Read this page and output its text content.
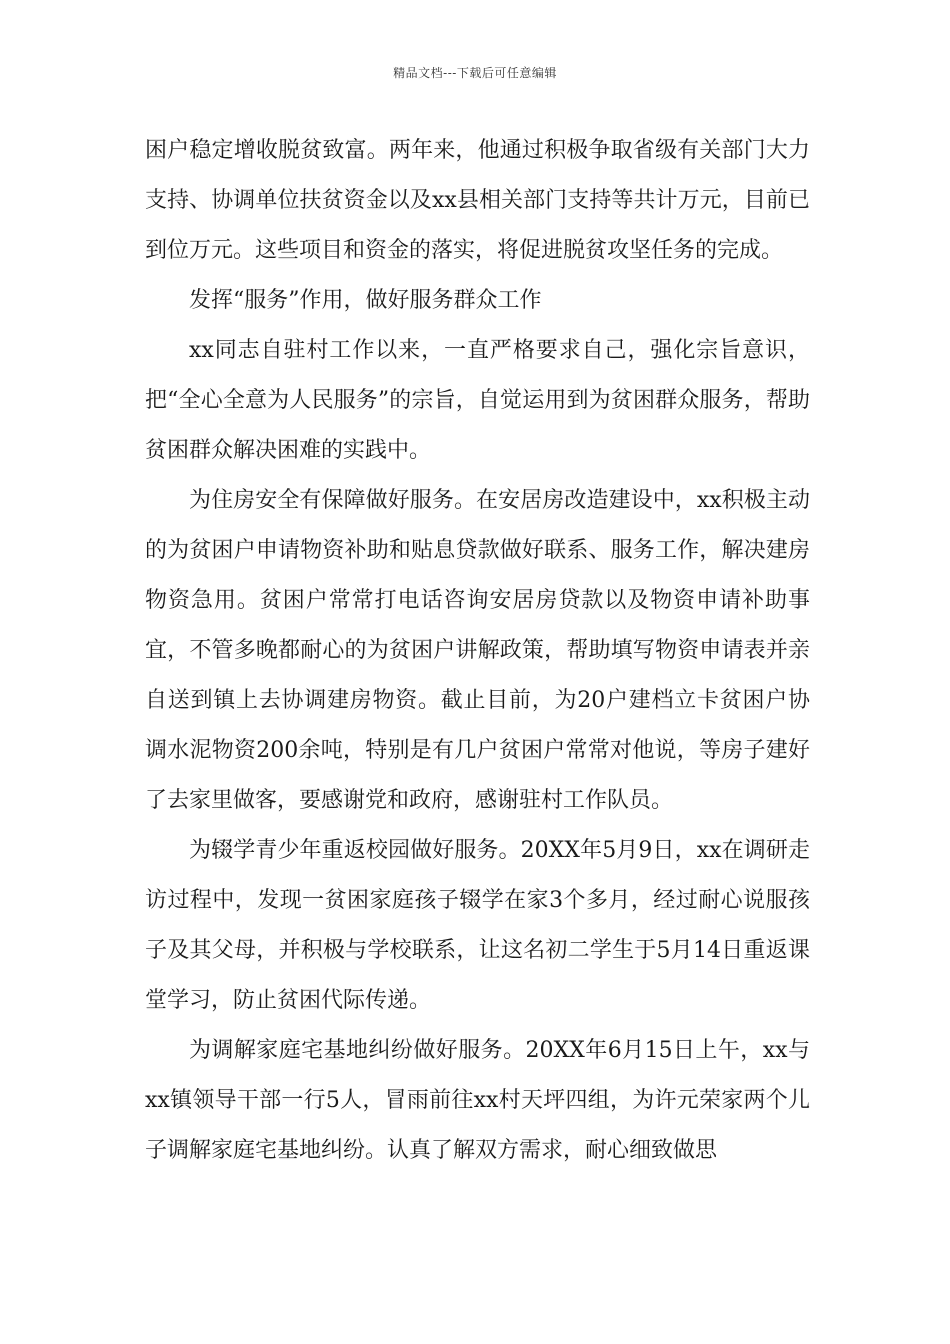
精品文档---下载后可任意编辑

困户稳定增收脱贫致富。两年来，他通过积极争取省级有关部门大力支持、协调单位扶贫资金以及xx县相关部门支持等共计万元，目前已到位万元。这些项目和资金的落实，将促进脱贫攻坚任务的完成。

发挥“服务”作用，做好服务群众工作

xx同志自驻村工作以来，一直严格要求自己，强化宗旨意识，把“全心全意为人民服务”的宗旨，自觉运用到为贫困群众服务，帮助贫困群众解决困难的实践中。

为住房安全有保障做好服务。在安居房改造建设中，xx积极主动的为贫困户申请物资补助和贴息贷款做好联系、服务工作，解决建房物资急用。贫困户常常打电话咨询安居房贷款以及物资申请补助事宜，不管多晚都耐心的为贫困户讲解政策，帮助填写物资申请表并亲自送到镇上去协调建房物资。截止目前，为20户建档立卡贫困户协调水泥物资200余吨，特别是有几户贫困户常常对他说，等房子建好了去家里做客，要感谢党和政府，感谢驻村工作队员。

为辍学青少年重返校园做好服务。20XX年5月9日，xx在调研走访过程中，发现一贫困家庭孩子辍学在家3个多月，经过耐心说服孩子及其父母，并积极与学校联系，让这名初二学生于5月14日重返课堂学习，防止贫困代际传递。

为调解家庭宅基地纠纷做好服务。20XX年6月15日上午，xx与xx镇领导干部一行5人，冒雨前往xx村天坪四组，为许元荣家两个儿子调解家庭宅基地纠纷。认真了解双方需求，耐心细致做思
